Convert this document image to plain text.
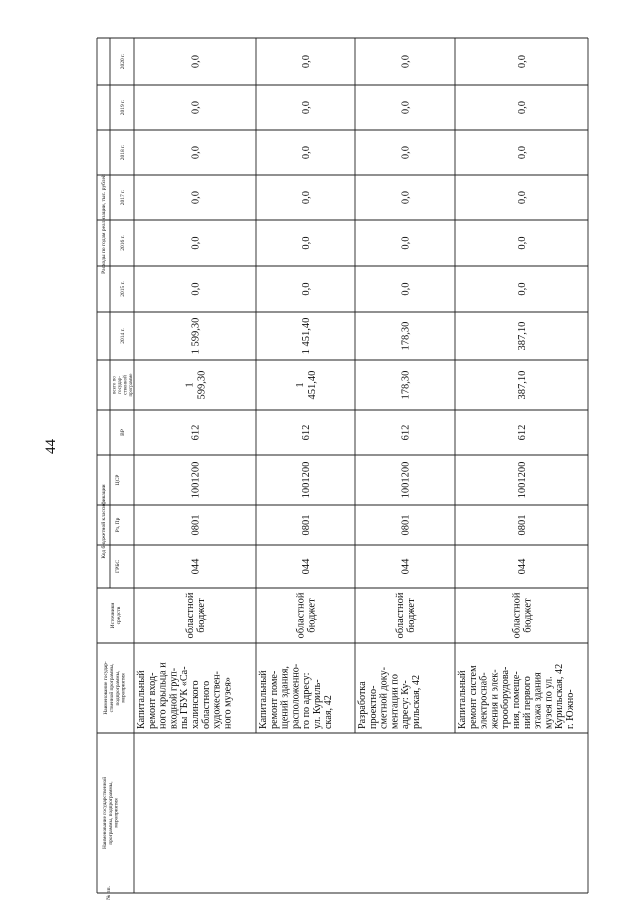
44
2020 г.
2019 г.
2018 г.
2017 г.
2016 г.
2015 г.
2014 г.
всего погосудар-ственнойпрограмме
ВР
ЦСР
Рз, Пр
ГРБС
Код бюджетной классификации
Расходы по годам реализации, тыс. рублей
Источникисредств
Наименование государ-ственной программы,подпрограммы,мероприятия
Наименование государственнойпрограммы, подпрограммы,мероприятия
№ пп.
0,0
0,0
0,0
0,0
0,0
0,0
1 599,30
1599,30
612
1001200
0801
044
областнойбюджет
Капитальныйремонт вход-ного крыльца ивходной груп-пы ГБУК «Са-халинскогообластногохудожествен-ного музея»
0,0
0,0
0,0
0,0
0,0
0,0
1 451,40
1451,40
612
1001200
0801
044
областнойбюджет
Капитальныйремонт поме-щений здания,расположенно-го по адресу:ул. Куриль-ская, 42
0,0
0,0
0,0
0,0
0,0
0,0
178,30
178,30
612
1001200
0801
044
областнойбюджет
Разработкапроектно-сметной доку-ментации поадресу: Ку-рильская, 42
0,0
0,0
0,0
0,0
0,0
0,0
387,10
387,10
612
1001200
0801
044
областнойбюджет
Капитальныйремонт системэлектроснаб-жения и элек-трооборудова-ния, помеще-ний первогоэтажа зданиямузея по ул.Курильская, 42г. Южно-
